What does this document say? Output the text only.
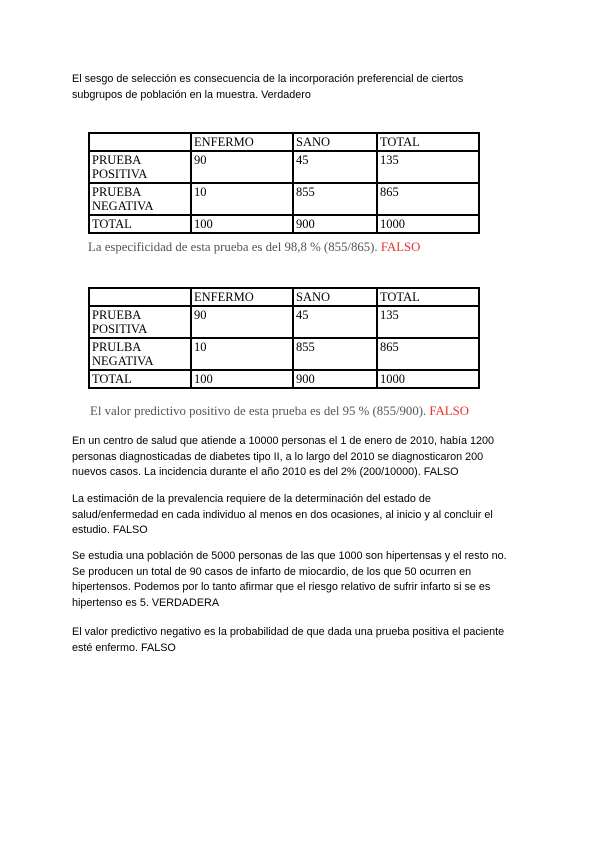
El sesgo de selección es consecuencia de la incorporación preferencial de ciertos
subgrupos de población en la muestra. Verdadero

	ENFERMO	SANO	TOTAL
PRUEBA
POSITIVA	90	45	135
PRUEBA
NEGATIVA	10	855	865
TOTAL	100	900	1000
La especificidad de esta prueba es del 98,8 % (855/865). FALSO
	ENFERMO	SANO	TOTAL
PRUEBA
POSITIVA	90	45	135
PRULBA
NEGATIVA	10	855	865
TOTAL	100	900	1000
El valor predictivo positivo de esta prueba es del 95 % (855/900). FALSO

En un centro de salud que atiende a 10000 personas el 1 de enero de 2010, había 1200
personas diagnosticadas de diabetes tipo II, a lo largo del 2010 se diagnosticaron 200
nuevos casos. La incidencia durante el año 2010 es del 2% (200/10000). FALSO

La estimación de la prevalencia requiere de la determinación del estado de
salud/enfermedad en cada individuo al menos en dos ocasiones, al inicio y al concluir el
estudio. FALSO

Se estudia una población de 5000 personas de las que 1000 son hipertensas y el resto no.
Se producen un total de 90 casos de infarto de miocardio, de los que 50 ocurren en
hipertensos. Podemos por lo tanto afirmar que el riesgo relativo de sufrir infarto si se es
hipertenso es 5. VERDADERA

El valor predictivo negativo es la probabilidad de que dada una prueba positiva el paciente
esté enfermo. FALSO
